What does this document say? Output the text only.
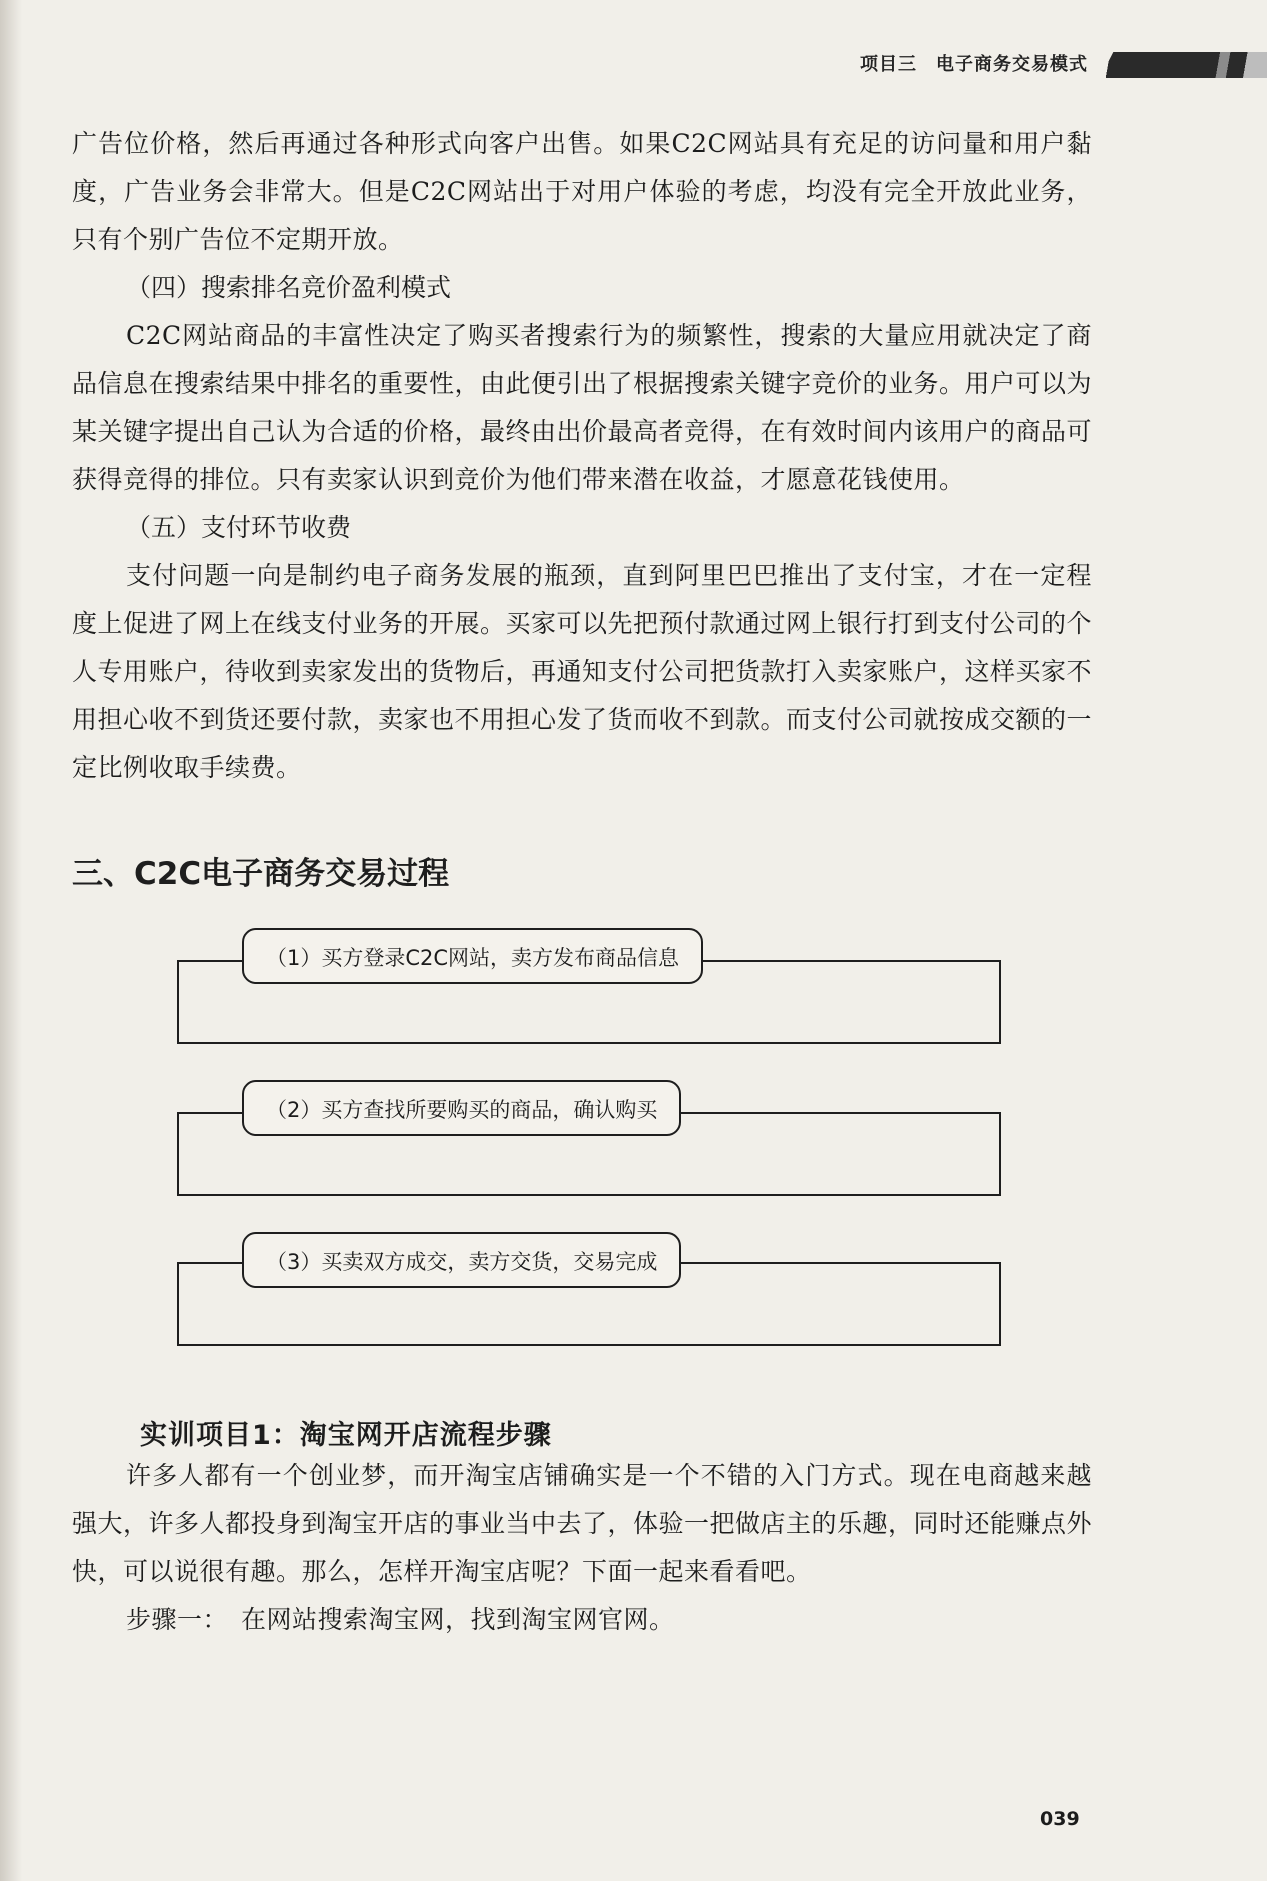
项目三　电子商务交易模式

广告位价格，然后再通过各种形式向客户出售。如果C2C网站具有充足的访问量和用户黏度，广告业务会非常大。但是C2C网站出于对用户体验的考虑，均没有完全开放此业务，只有个别广告位不定期开放。

（四）搜索排名竞价盈利模式

C2C网站商品的丰富性决定了购买者搜索行为的频繁性，搜索的大量应用就决定了商品信息在搜索结果中排名的重要性，由此便引出了根据搜索关键字竞价的业务。用户可以为某关键字提出自己认为合适的价格，最终由出价最高者竞得，在有效时间内该用户的商品可获得竞得的排位。只有卖家认识到竞价为他们带来潜在收益，才愿意花钱使用。

（五）支付环节收费

支付问题一向是制约电子商务发展的瓶颈，直到阿里巴巴推出了支付宝，才在一定程度上促进了网上在线支付业务的开展。买家可以先把预付款通过网上银行打到支付公司的个人专用账户，待收到卖家发出的货物后，再通知支付公司把货款打入卖家账户，这样买家不用担心收不到货还要付款，卖家也不用担心发了货而收不到款。而支付公司就按成交额的一定比例收取手续费。

三、C2C电子商务交易过程
（1）买方登录C2C网站，卖方发布商品信息
（2）买方查找所要购买的商品，确认购买
（3）买卖双方成交，卖方交货，交易完成
实训项目1：淘宝网开店流程步骤

许多人都有一个创业梦，而开淘宝店铺确实是一个不错的入门方式。现在电商越来越强大，许多人都投身到淘宝开店的事业当中去了，体验一把做店主的乐趣，同时还能赚点外快，可以说很有趣。那么，怎样开淘宝店呢？下面一起来看看吧。

步骤一：　在网站搜索淘宝网，找到淘宝网官网。

039
